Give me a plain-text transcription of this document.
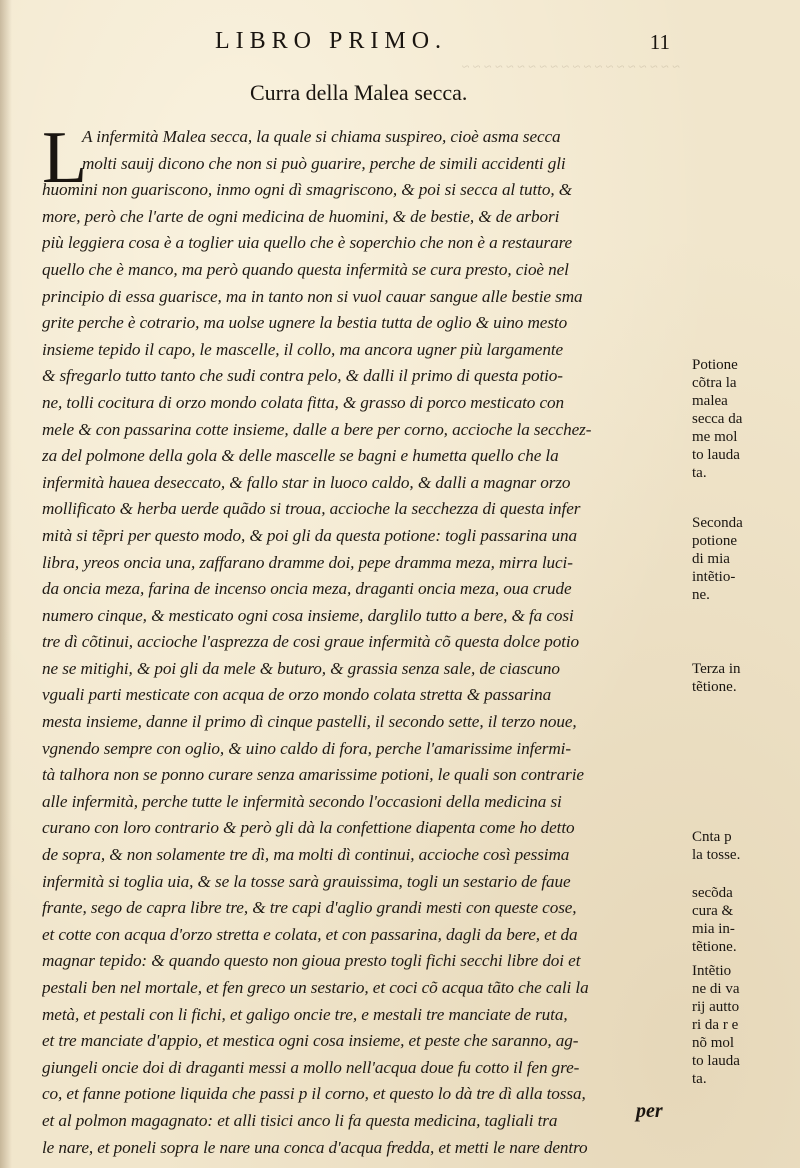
~ ~ ~ ~ ~ ~ ~ ~ ~ ~ ~ ~ ~ ~ ~ ~ ~ ~ ~ ~
LIBRO PRIMO.	11
Curra della Malea secca.
L
A infermità Malea secca, la quale si chiama suspireo, cioè asma secca
molti sauij dicono che non si può guarire, perche de simili accidenti gli
huomini non guariscono, inmo ogni dì smagriscono, & poi si secca al tutto, &
more, però che l'arte de ogni medicina de huomini, & de bestie, & de arbori
più leggiera cosa è a toglier uia quello che è soperchio che non è a restaurare
quello che è manco, ma però quando questa infermità se cura presto, cioè nel
principio di essa guarisce, ma in tanto non si vuol cauar sangue alle bestie sma
grite perche è cotrario, ma uolse ugnere la bestia tutta de oglio & uino mesto
insieme tepido il capo, le mascelle, il collo, ma ancora ugner più largamente
& sfregarlo tutto tanto che sudi contra pelo, & dalli il primo di questa potio-
ne, tolli cocitura di orzo mondo colata fitta, & grasso di porco mesticato con
mele & con passarina cotte insieme, dalle a bere per corno, acciochе la secchez-
za del polmone della gola & delle mascelle se bagni e humetta quello che la
infermità hauea deseccato, & fallo star in luoco caldo, & dalli a magnar orzo
mollificato & herba uerde quãdo si troua, accioche la secchezza di questa infer
mità si tẽpri per questo modo, & poi gli da questa potione: togli passarina una
libra, yreos oncia una, zaffarano dramme doi, pepe dramma meza, mirra luci-
da oncia meza, farina de incenso oncia meza, draganti oncia meza, oua crude
numero cinque, & mesticato ogni cosa insieme, darglilo tutto a bere, & fa cosi
tre dì cõtinui, accioche l'asprezza de cosi graue infermità cõ questa dolce potio
ne se mitighi, & poi gli da mele & buturo, & grassia senza sale, de ciascuno
vguali parti mesticate con acqua de orzo mondo colata stretta & passarina
mesta insieme, danne il primo dì cinque pastelli, il secondo sette, il terzo noue,
vgnendo sempre con oglio, & uino caldo di fora, perche l'amarissime infermi-
tà talhora non se ponno curare senza amarissime potioni, le quali son contrarie
alle infermità, perche tutte le infermità secondo l'occasioni della medicina si
curano con loro contrario & però gli dà la confettione diapenta come ho detto
de sopra, & non solamente tre dì, ma molti dì continui, accioche così pessima
infermità si toglia uia, & se la tosse sarà grauissima, togli un sestario de faue
frante, sego de capra libre tre, & tre capi d'aglio grandi mesti con queste cose,
et cotte con acqua d'orzo stretta e colata, et con passarina, dagli da bere, et da
magnar tepido: & quando questo non gioua presto togli fichi secchi libre doi et
pestali ben nel mortale, et fen greco un sestario, et coci cõ acqua tãto che cali la
metà, et pestali con li fichi, et galigo oncie tre, e mestali tre manciate de ruta,
et tre manciate d'appio, et mestica ogni cosa insieme, et peste che saranno, ag-
giungeli oncie doi di draganti messi a mollo nell'acqua doue fu cotto il fen gre-
co, et fanne potione liquida che passi p il corno, et questo lo dà tre dì alla tossa,
et al polmon magagnato: et alli tisici anco li fa questa medicina, tagliali tra
le nare, et poneli sopra le nare una conca d'acqua fredda, et metti le nare dentro
Potione
cõtra la
malea
secca da
me mol
to lauda
ta.
Seconda
potione
di mia
intẽtio-
ne.
Terza in
tẽtione.
Cnta p
la tosse.
secõda
cura &
mia in-
tẽtione.
Intẽtio
ne di va
rij autto
ri da r e
nõ mol
to lauda
ta.
per
